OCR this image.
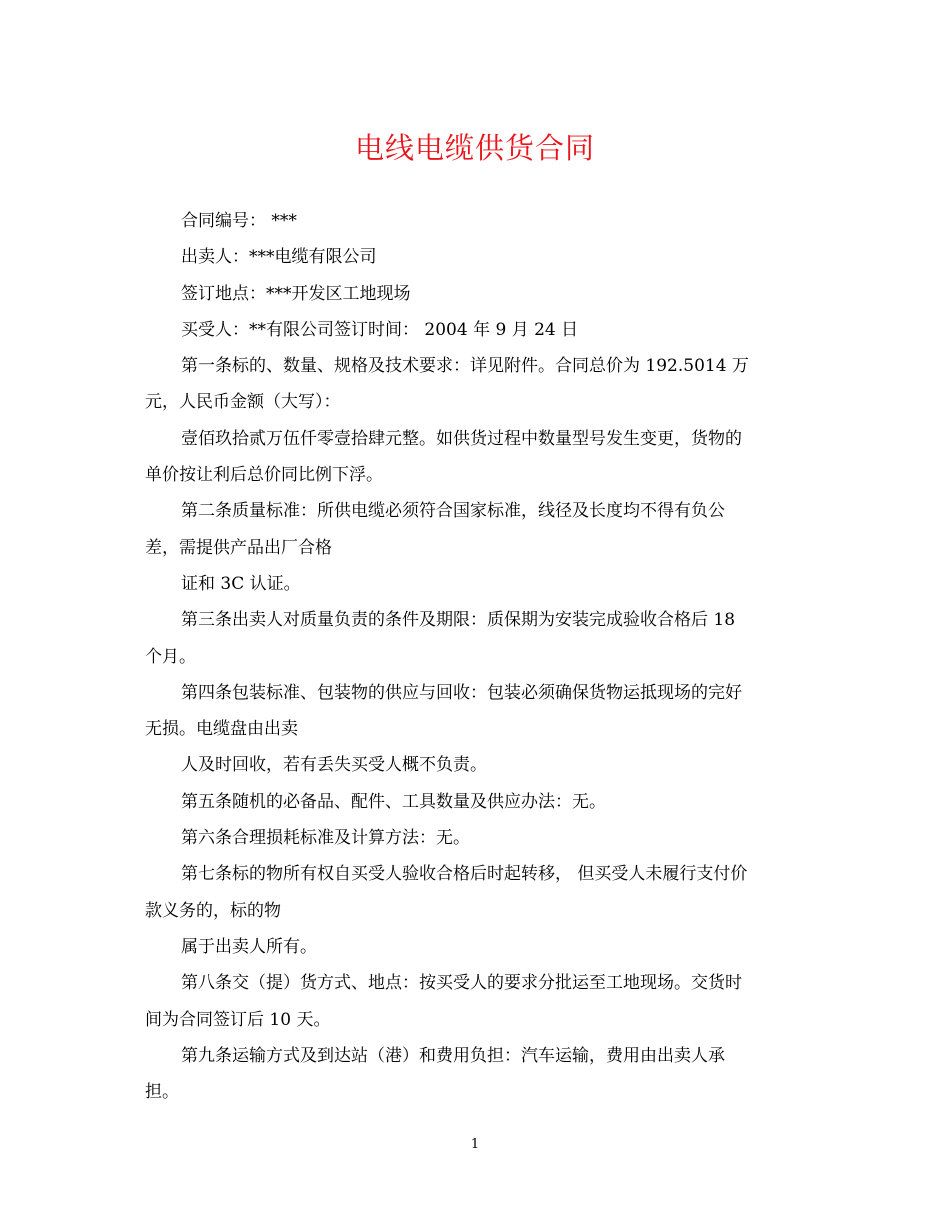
电线电缆供货合同

合同编号： ***

出卖人：***电缆有限公司

签订地点：***开发区工地现场

买受人：**有限公司签订时间： 2004 年 9 月 24 日

第一条标的、数量、规格及技术要求：详见附件。合同总价为 192.5014 万

元，人民币金额（大写）：

壹佰玖拾贰万伍仟零壹拾肆元整。如供货过程中数量型号发生变更，货物的

单价按让利后总价同比例下浮。

第二条质量标准：所供电缆必须符合国家标准，线径及长度均不得有负公

差，需提供产品出厂合格

证和 3C 认证。

第三条出卖人对质量负责的条件及期限：质保期为安装完成验收合格后 18

个月。

第四条包装标准、包装物的供应与回收：包装必须确保货物运抵现场的完好

无损。电缆盘由出卖

人及时回收，若有丢失买受人概不负责。

第五条随机的必备品、配件、工具数量及供应办法：无。

第六条合理损耗标准及计算方法：无。

第七条标的物所有权自买受人验收合格后时起转移， 但买受人未履行支付价

款义务的，标的物

属于出卖人所有。

第八条交（提）货方式、地点：按买受人的要求分批运至工地现场。交货时

间为合同签订后 10 天。

第九条运输方式及到达站（港）和费用负担：汽车运输，费用由出卖人承

担。

1
